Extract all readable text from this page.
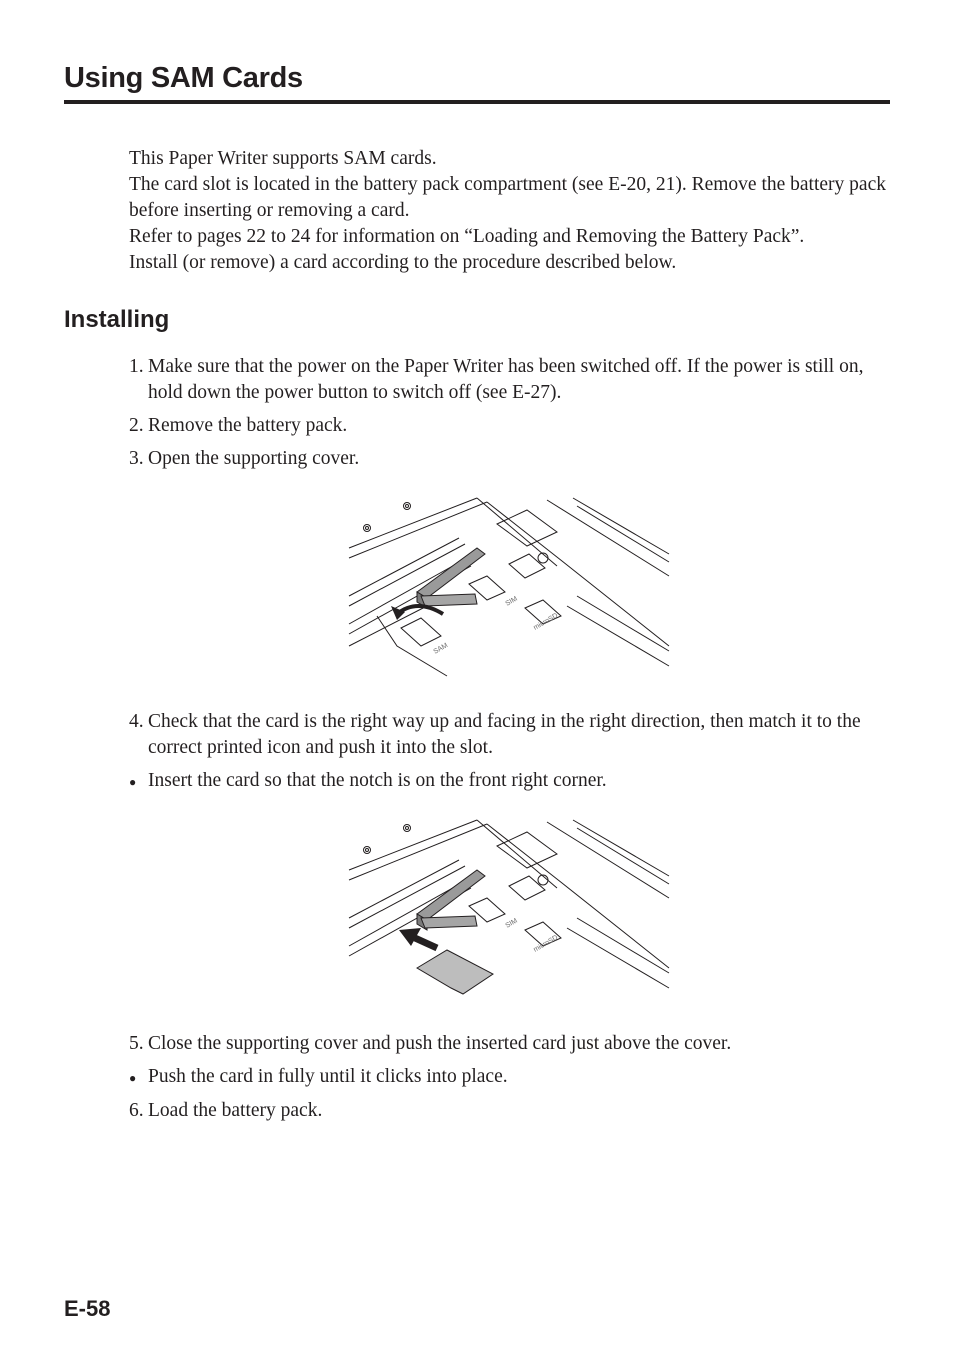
Using SAM Cards

This Paper Writer supports SAM cards.

The card slot is located in the battery pack compartment (see E-20, 21). Remove the battery pack before inserting or removing a card.

Refer to pages 22 to 24 for information on “Loading and Removing the Battery Pack”.

Install (or remove) a card according to the procedure described below.

Installing
1. Make sure that the power on the Paper Writer has been switched off. If the power is still on, hold down the power button to switch off (see E-27).
2. Remove the battery pack.
3. Open the supporting cover.
SIM
microSD
SAM
4. Check that the card is the right way up and facing in the right direction, then match it to the correct printed icon and push it into the slot.
● Insert the card so that the notch is on the front right corner.
SIM
microSD
5. Close the supporting cover and push the inserted card just above the cover.
● Push the card in fully until it clicks into place.
6. Load the battery pack.
E-58
